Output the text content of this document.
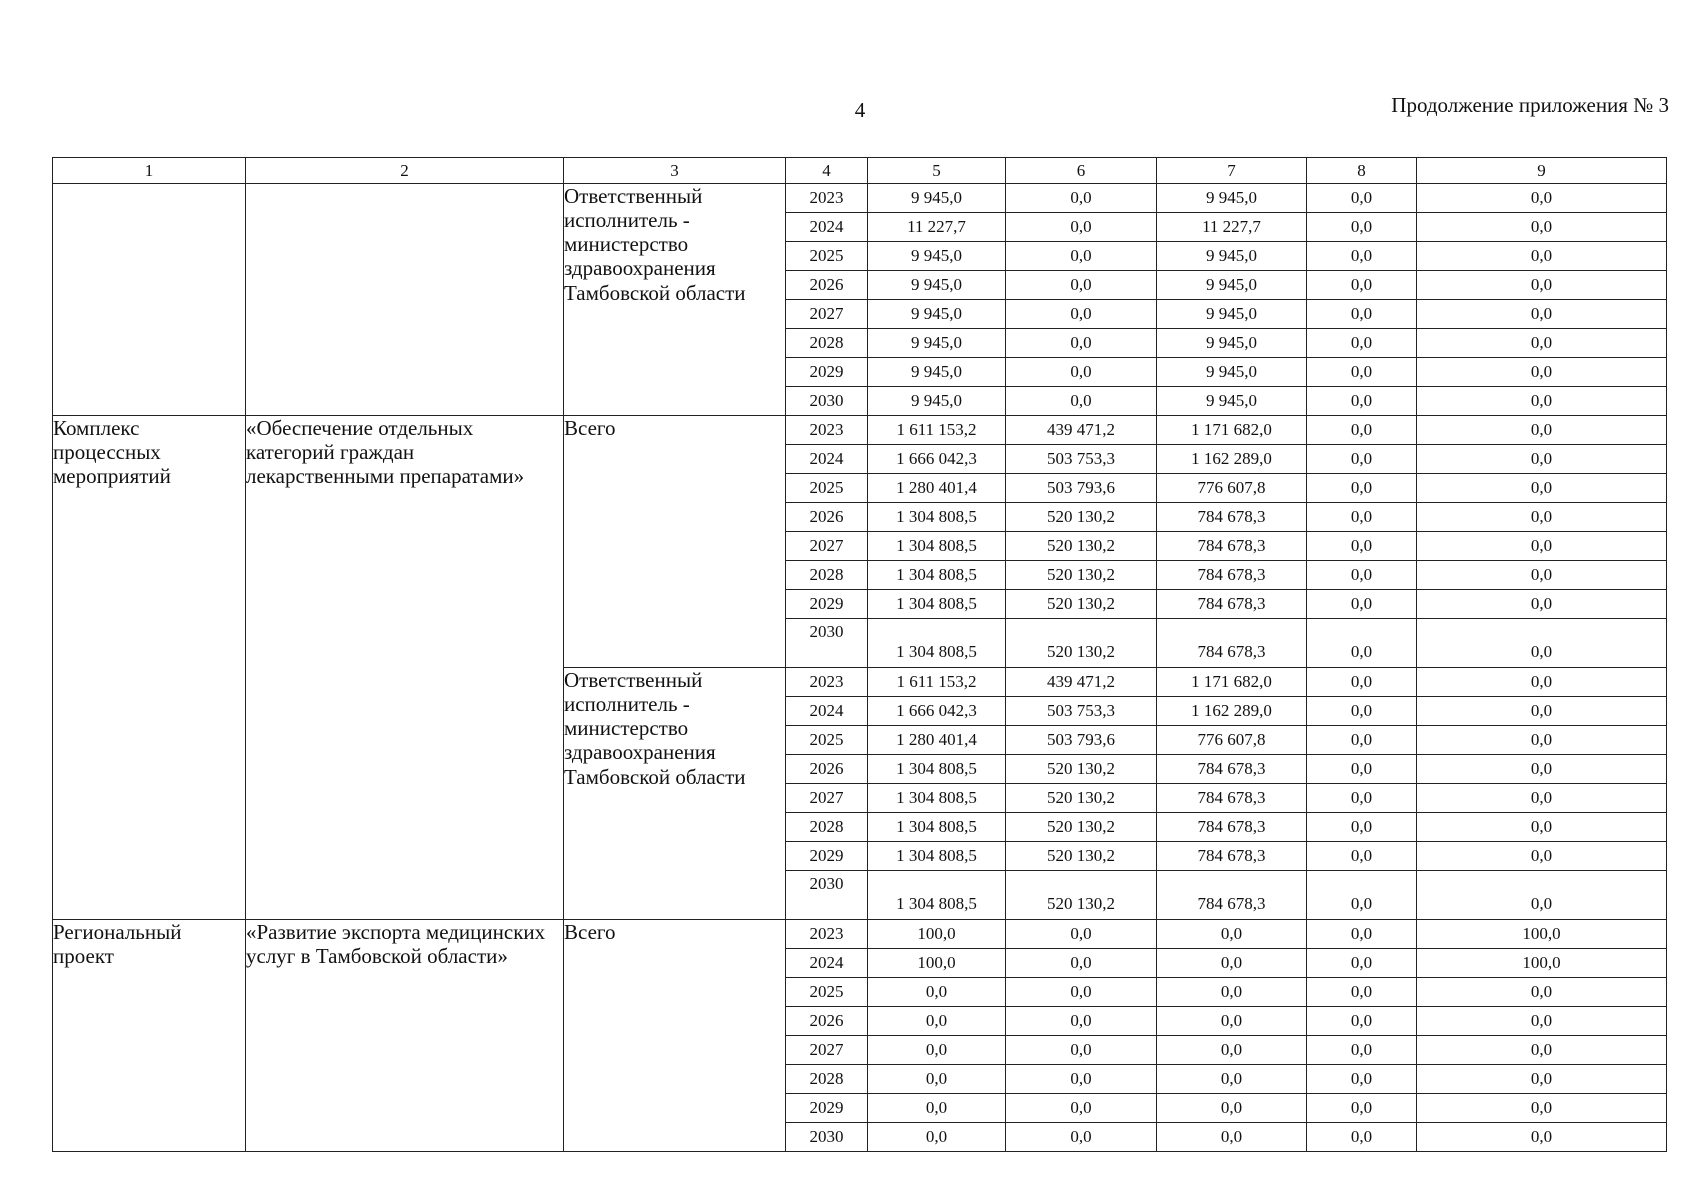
4	Продолжение приложения № 3
1	2	3	4	5	6	7	8	9
		Ответственный исполнитель - министерство здравоохранения Тамбовской области	2023	9 945,0	0,0	9 945,0	0,0	0,0
			2024	11 227,7	0,0	11 227,7	0,0	0,0
			2025	9 945,0	0,0	9 945,0	0,0	0,0
			2026	9 945,0	0,0	9 945,0	0,0	0,0
			2027	9 945,0	0,0	9 945,0	0,0	0,0
			2028	9 945,0	0,0	9 945,0	0,0	0,0
			2029	9 945,0	0,0	9 945,0	0,0	0,0
			2030	9 945,0	0,0	9 945,0	0,0	0,0
Комплекс процессных мероприятий	«Обеспечение отдельных категорий граждан лекарственными препаратами»	Всего	2023	1 611 153,2	439 471,2	1 171 682,0	0,0	0,0
			2024	1 666 042,3	503 753,3	1 162 289,0	0,0	0,0
			2025	1 280 401,4	503 793,6	776 607,8	0,0	0,0
			2026	1 304 808,5	520 130,2	784 678,3	0,0	0,0
			2027	1 304 808,5	520 130,2	784 678,3	0,0	0,0
			2028	1 304 808,5	520 130,2	784 678,3	0,0	0,0
			2029	1 304 808,5	520 130,2	784 678,3	0,0	0,0
			2030	1 304 808,5	520 130,2	784 678,3	0,0	0,0
		Ответственный исполнитель - министерство здравоохранения Тамбовской области	2023	1 611 153,2	439 471,2	1 171 682,0	0,0	0,0
			2024	1 666 042,3	503 753,3	1 162 289,0	0,0	0,0
			2025	1 280 401,4	503 793,6	776 607,8	0,0	0,0
			2026	1 304 808,5	520 130,2	784 678,3	0,0	0,0
			2027	1 304 808,5	520 130,2	784 678,3	0,0	0,0
			2028	1 304 808,5	520 130,2	784 678,3	0,0	0,0
			2029	1 304 808,5	520 130,2	784 678,3	0,0	0,0
			2030	1 304 808,5	520 130,2	784 678,3	0,0	0,0
Региональный проект	«Развитие экспорта медицинских услуг в Тамбовской области»	Всего	2023	100,0	0,0	0,0	0,0	100,0
			2024	100,0	0,0	0,0	0,0	100,0
			2025	0,0	0,0	0,0	0,0	0,0
			2026	0,0	0,0	0,0	0,0	0,0
			2027	0,0	0,0	0,0	0,0	0,0
			2028	0,0	0,0	0,0	0,0	0,0
			2029	0,0	0,0	0,0	0,0	0,0
			2030	0,0	0,0	0,0	0,0	0,0
